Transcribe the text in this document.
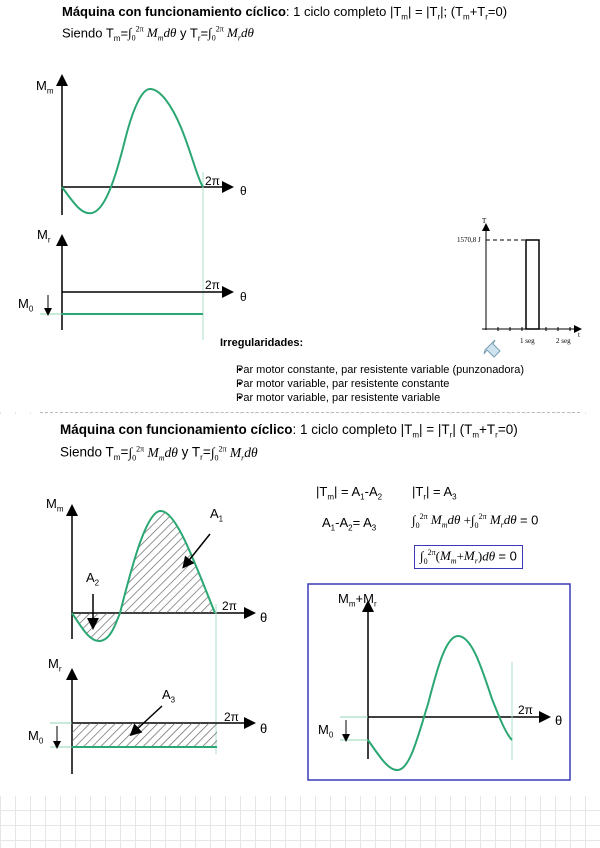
Máquina con funcionamiento cíclico: 1 ciclo completo $|T_m| = |T_r|$; $(T_m+T_r=0)$
Siendo $T_m=\int_0^{2\pi}$ $M_md\theta$ y $T_r=\int_0^{2\pi}$ $M_rd\theta$
$M_m$
2π
θ
$M_r$
2π
θ
$M_0$
T
1570,8 J
1 seg	2 seg
t
Irregularidades:
• Par motor constante, par resistente variable (punzonadora)
• Par motor variable, par resistente constante
• Par motor variable, par resistente variable
Máquina con funcionamiento cíclico: 1 ciclo completo $|T_m| = |T_r|$ $(T_m+T_r=0)$
Siendo $T_m=\int_0^{2\pi}$ $M_md\theta$ y $T_r=\int_0^{2\pi}$ $M_rd\theta$
$M_m$	$A_1$
$A_2$
2π
θ
$M_r$
$A_3$
2π
θ
$M_0$
$|T_m| = A_1-A_2$ $|T_r| = A_3$
$A_1-A_2= A_3$
$\int_0^{2\pi}$ $M_md\theta +\int_0^{2\pi}$ $M_rd\theta = 0$
$\int_0^{2\pi}(M_m+M_r)d\theta = 0$
$M_m+M_r$
2π
θ
$M_0$
